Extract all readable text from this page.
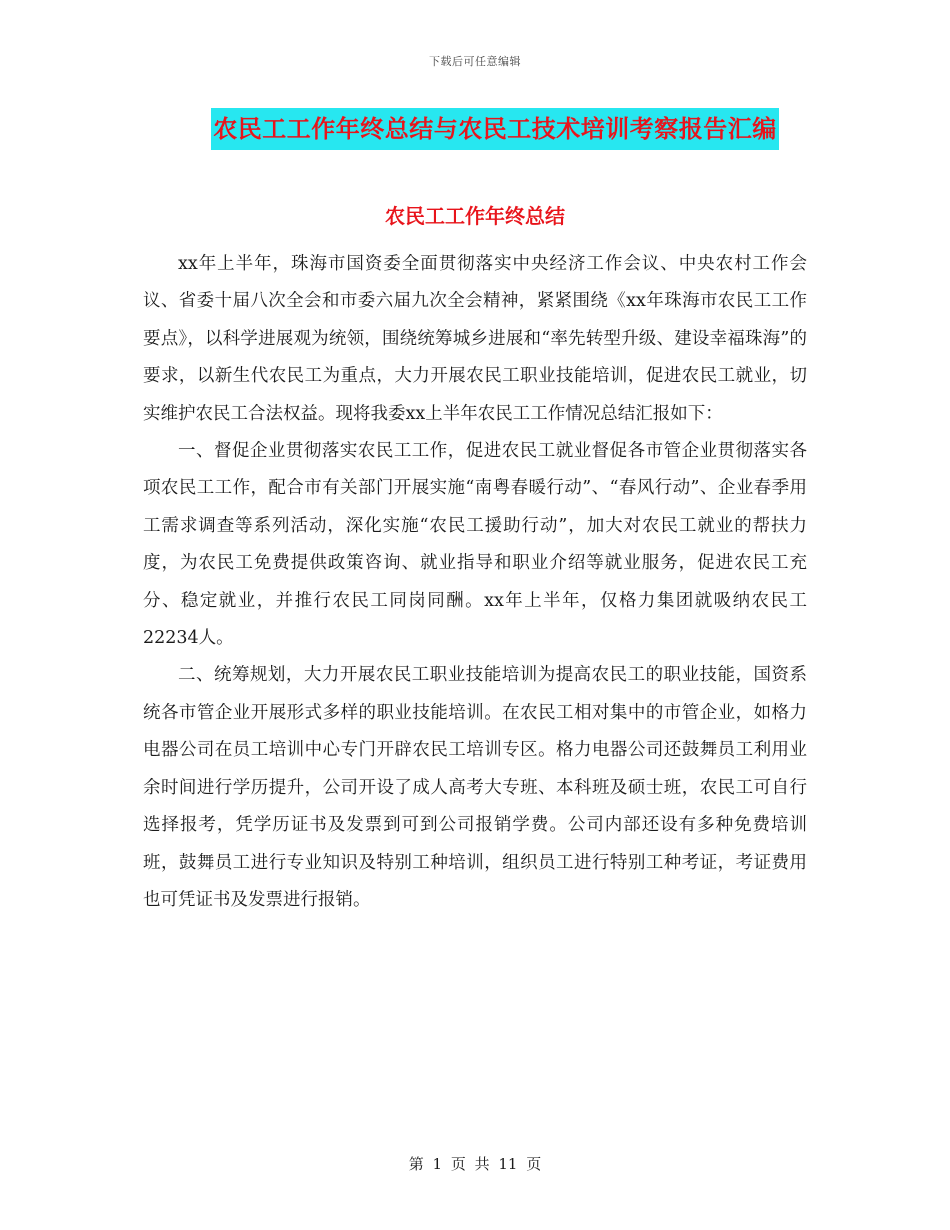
下载后可任意编辑
农民工工作年终总结与农民工技术培训考察报告汇编
农民工工作年终总结

xx年上半年，珠海市国资委全面贯彻落实中央经济工作会议、中央农村工作会议、省委十届八次全会和市委六届九次全会精神，紧紧围绕《xx年珠海市农民工工作要点》，以科学进展观为统领，围绕统筹城乡进展和“率先转型升级、建设幸福珠海”的要求，以新生代农民工为重点，大力开展农民工职业技能培训，促进农民工就业，切实维护农民工合法权益。现将我委xx上半年农民工工作情况总结汇报如下：

一、督促企业贯彻落实农民工工作，促进农民工就业督促各市管企业贯彻落实各项农民工工作，配合市有关部门开展实施“南粤春暖行动”、“春风行动”、企业春季用工需求调查等系列活动，深化实施“农民工援助行动”，加大对农民工就业的帮扶力度，为农民工免费提供政策咨询、就业指导和职业介绍等就业服务，促进农民工充分、稳定就业，并推行农民工同岗同酬。xx年上半年，仅格力集团就吸纳农民工22234人。

二、统筹规划，大力开展农民工职业技能培训为提高农民工的职业技能，国资系统各市管企业开展形式多样的职业技能培训。在农民工相对集中的市管企业，如格力电器公司在员工培训中心专门开辟农民工培训专区。格力电器公司还鼓舞员工利用业余时间进行学历提升，公司开设了成人高考大专班、本科班及硕士班，农民工可自行选择报考，凭学历证书及发票到可到公司报销学费。公司内部还设有多种免费培训班，鼓舞员工进行专业知识及特别工种培训，组织员工进行特别工种考证，考证费用也可凭证书及发票进行报销。

第 1 页 共 11 页
